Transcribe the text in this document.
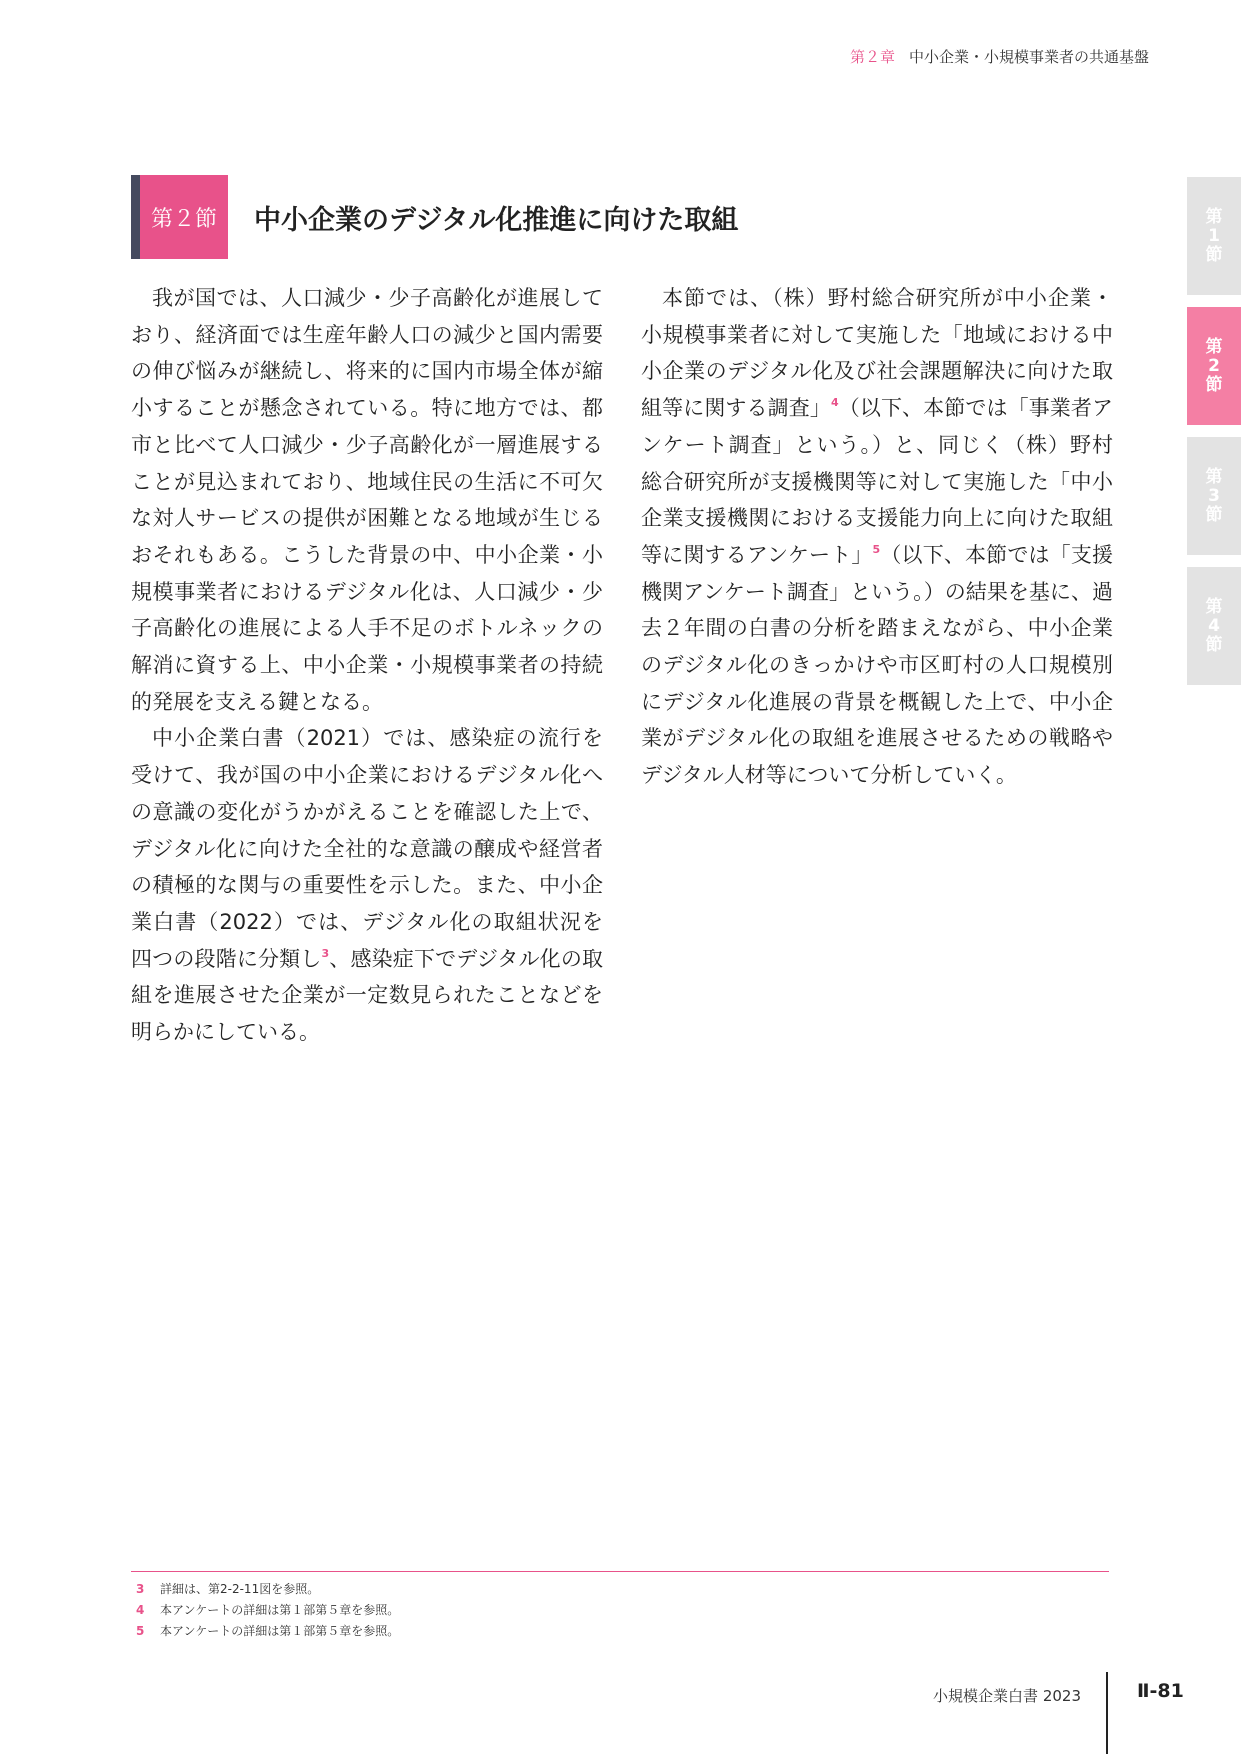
第２章 中小企業・小規模事業者の共通基盤
第２節	中小企業のデジタル化推進に向けた取組

我が国では、人口減少・少子高齢化が進展しており、経済面では生産年齢人口の減少と国内需要の伸び悩みが継続し、将来的に国内市場全体が縮小することが懸念されている。特に地方では、都市と比べて人口減少・少子高齢化が一層進展することが見込まれており、地域住民の生活に不可欠な対人サービスの提供が困難となる地域が生じるおそれもある。こうした背景の中、中小企業・小規模事業者におけるデジタル化は、人口減少・少子高齢化の進展による人手不足のボトルネックの解消に資する上、中小企業・小規模事業者の持続的発展を支える鍵となる。

中小企業白書（2021）では、感染症の流行を受けて、我が国の中小企業におけるデジタル化への意識の変化がうかがえることを確認した上で、デジタル化に向けた全社的な意識の醸成や経営者の積極的な関与の重要性を示した。また、中小企業白書（2022）では、デジタル化の取組状況を四つの段階に分類し$^3$、感染症下でデジタル化の取組を進展させた企業が一定数見られたことなどを明らかにしている。

本節では、（株）野村総合研究所が中小企業・小規模事業者に対して実施した「地域における中小企業のデジタル化及び社会課題解決に向けた取組等に関する調査」$^4$（以下、本節では「事業者アンケート調査」という。）と、同じく（株）野村総合研究所が支援機関等に対して実施した「中小企業支援機関における支援能力向上に向けた取組等に関するアンケート」$^5$（以下、本節では「支援機関アンケート調査」という。）の結果を基に、過去２年間の白書の分析を踏まえながら、中小企業のデジタル化のきっかけや市区町村の人口規模別にデジタル化進展の背景を概観した上で、中小企業がデジタル化の取組を進展させるための戦略やデジタル人材等について分析していく。

第
1
節
第
2
節
第
3
節
第
4
節
3 詳細は、第2-2-11図を参照。
4 本アンケートの詳細は第１部第５章を参照。
5 本アンケートの詳細は第１部第５章を参照。
小規模企業白書 2023	Ⅱ-81
